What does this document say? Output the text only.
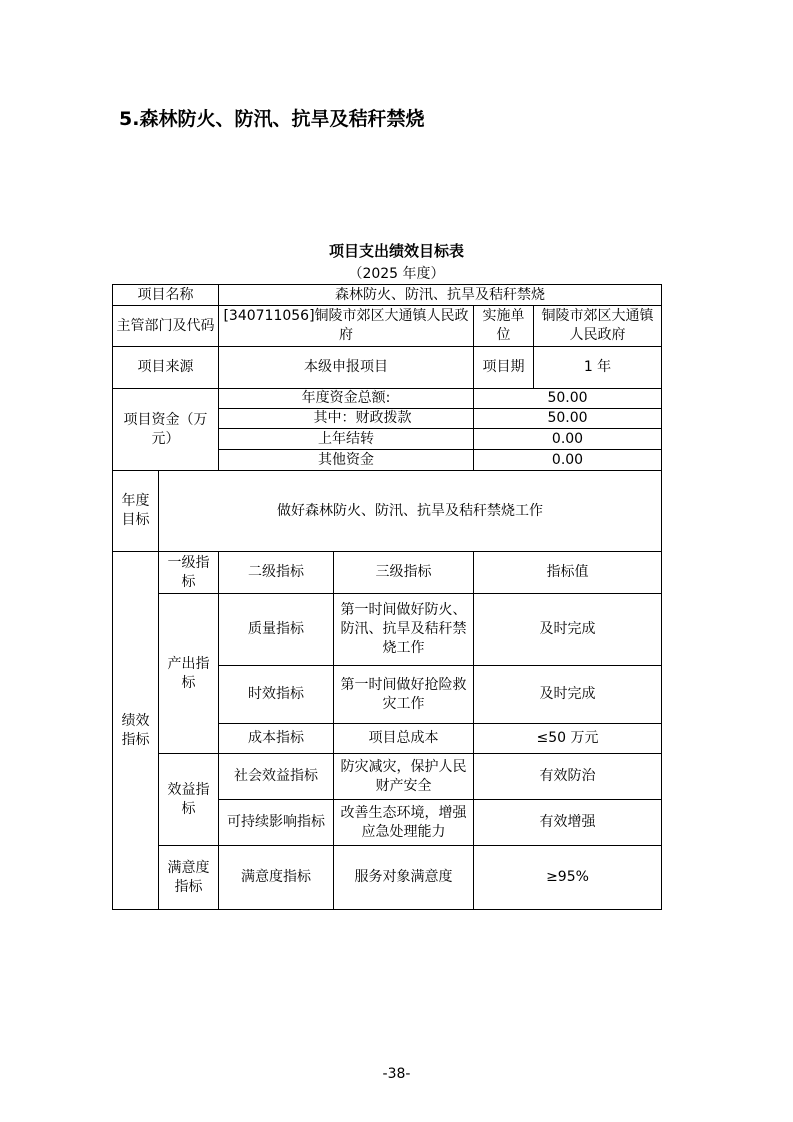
5.森林防火、防汛、抗旱及秸秆禁烧
项目支出绩效目标表
（2025 年度）
项目名称		森林防火、防汛、抗旱及秸秆禁烧			
主管部门及代码		[340711056]铜陵市郊区大通镇人民政府		实施单位	铜陵市郊区大通镇人民政府
项目来源		本级申报项目		项目期	1 年
项目资金（万元）		年度资金总额:		50.00	
		其中：财政拨款		50.00	
		上年结转		0.00	
		其他资金		0.00	
年度目标	做好森林防火、防汛、抗旱及秸秆禁烧工作				
绩效指标	一级指标	二级指标	三级指标	指标值	
	产出指标	质量指标	第一时间做好防火、防汛、抗旱及秸秆禁烧工作	及时完成	
		时效指标	第一时间做好抢险救灾工作	及时完成	
		成本指标	项目总成本	≤50 万元	
	效益指标	社会效益指标	防灾减灾，保护人民财产安全	有效防治	
		可持续影响指标	改善生态环境，增强应急处理能力	有效增强	
	满意度指标	满意度指标	服务对象满意度	≥95%	
-38-
